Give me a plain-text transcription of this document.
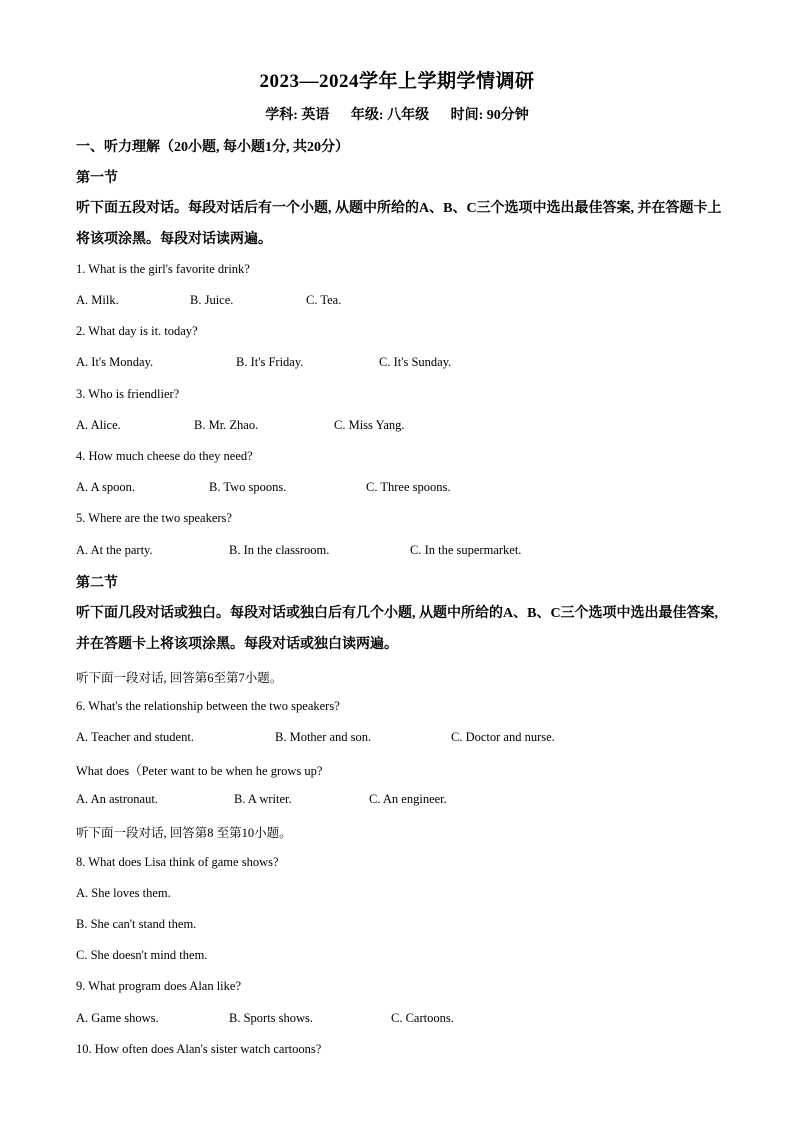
2023—2024学年上学期学情调研
学科: 英语 年级: 八年级 时间: 90分钟
一、听力理解（20小题, 每小题1分, 共20分）
第一节
听下面五段对话。每段对话后有一个小题, 从题中所给的A、B、C三个选项中选出最佳答案, 并在答题卡上将该项涂黑。每段对话读两遍。
1. What is the girl's favorite drink?
A. Milk.	B. Juice.	C. Tea.
2. What day is it. today?
A. It's Monday.	B. It's Friday.	C. It's Sunday.
3. Who is friendlier?
A. Alice.	B. Mr. Zhao.	C. Miss Yang.
4. How much cheese do they need?
A. A spoon.	B. Two spoons.	C. Three spoons.
5. Where are the two speakers?
A. At the party.	B. In the classroom.	C. In the supermarket.
第二节
听下面几段对话或独白。每段对话或独白后有几个小题, 从题中所给的A、B、C三个选项中选出最佳答案, 并在答题卡上将该项涂黑。每段对话或独白读两遍。
听下面一段对话, 回答第6至第7小题。
6. What's the relationship between the two speakers?
A. Teacher and student.	B. Mother and son.	C. Doctor and nurse.
What does（Peter want to be when he grows up?
A. An astronaut.	B. A writer.	C. An engineer.
听下面一段对话, 回答第8 至第10小题。
8. What does Lisa think of game shows?
A. She loves them.
B. She can't stand them.
C. She doesn't mind them.
9. What program does Alan like?
A. Game shows.	B. Sports shows.	C. Cartoons.
10. How often does Alan's sister watch cartoons?
